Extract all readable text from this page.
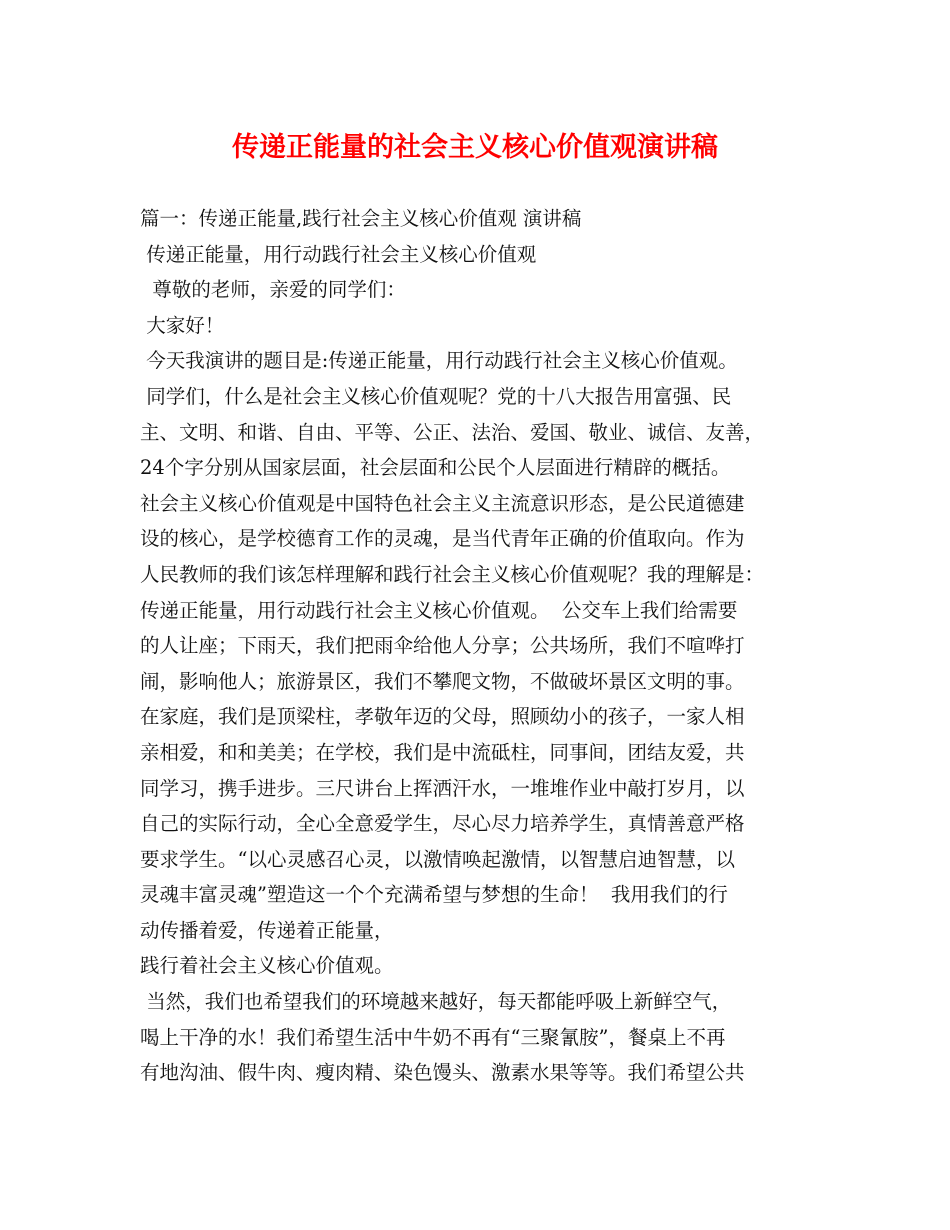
传递正能量的社会主义核心价值观演讲稿
篇一：传递正能量,践行社会主义核心价值观 演讲稿
传递正能量，用行动践行社会主义核心价值观
尊敬的老师，亲爱的同学们：
大家好！
今天我演讲的题目是:传递正能量，用行动践行社会主义核心价值观。
同学们，什么是社会主义核心价值观呢？党的十八大报告用富强、民
主、文明、和谐、自由、平等、公正、法治、爱国、敬业、诚信、友善，
24个字分别从国家层面，社会层面和公民个人层面进行精辟的概括。
社会主义核心价值观是中国特色社会主义主流意识形态，是公民道德建
设的核心，是学校德育工作的灵魂，是当代青年正确的价值取向。作为
人民教师的我们该怎样理解和践行社会主义核心价值观呢？我的理解是：
传递正能量，用行动践行社会主义核心价值观。  公交车上我们给需要
的人让座；下雨天，我们把雨伞给他人分享；公共场所，我们不喧哗打
闹，影响他人；旅游景区，我们不攀爬文物，不做破坏景区文明的事。
在家庭，我们是顶梁柱，孝敬年迈的父母，照顾幼小的孩子，一家人相
亲相爱，和和美美；在学校，我们是中流砥柱，同事间，团结友爱，共
同学习，携手进步。三尺讲台上挥洒汗水，一堆堆作业中敲打岁月，以
自己的实际行动，全心全意爱学生，尽心尽力培养学生，真情善意严格
要求学生。“以心灵感召心灵，以激情唤起激情，以智慧启迪智慧，以
灵魂丰富灵魂”塑造这一个个充满希望与梦想的生命！  我用我们的行
动传播着爱，传递着正能量，
践行着社会主义核心价值观。
当然，我们也希望我们的环境越来越好，每天都能呼吸上新鲜空气，
喝上干净的水！我们希望生活中牛奶不再有“三聚氰胺”，餐桌上不再
有地沟油、假牛肉、瘦肉精、染色馒头、激素水果等等。我们希望公共
